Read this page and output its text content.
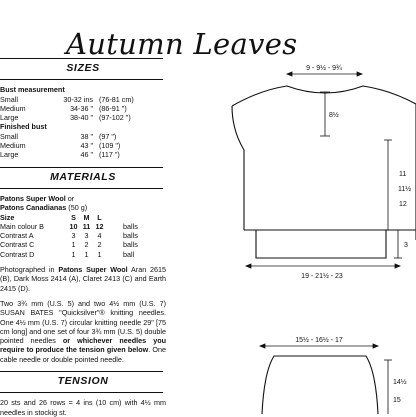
Autumn Leaves
SIZES
Bust measurement
Small	30-32 ins (76-81 cm)
Medium	34-36 " (86-91 ")
Large	38-40 " (97-102 ")
Finished bust
Small	38 " (97 ")
Medium	43 " (109 ")
Large	46 " (117 ")
MATERIALS
Patons Super Wool or
Patons Canadianas (50 g)
Size	S	M	L
Main colour B	10 11 12	balls
Contrast A	3	3	4	balls
Contrast C	1	2	2	balls
Contrast D	1	1	1	ball
Photographed in Patons Super Wool Aran 2615 (B), Dark Moss 2414 (A), Claret 2413 (C) and Earth 2415 (D).
Two 3¾ mm (U.S. 5) and two 4½ mm (U.S. 7) SUSAN BATES "Quicksilver"® knitting needles. One 4½ mm (U.S. 7) circular knitting needle 29" [75 cm long] and one set of four 3¾ mm (U.S. 5) double pointed needles or whichever needles you require to produce the tension given below. One cable needle or double pointed needle.
TENSION
20 sts and 26 rows = 4 ins (10 cm) with 4½ mm needles in stockig st.
9 - 9½ - 9¾
8½
11
11½
12
3
19 - 21½ - 23
15½ - 16½ - 17
14½
15
